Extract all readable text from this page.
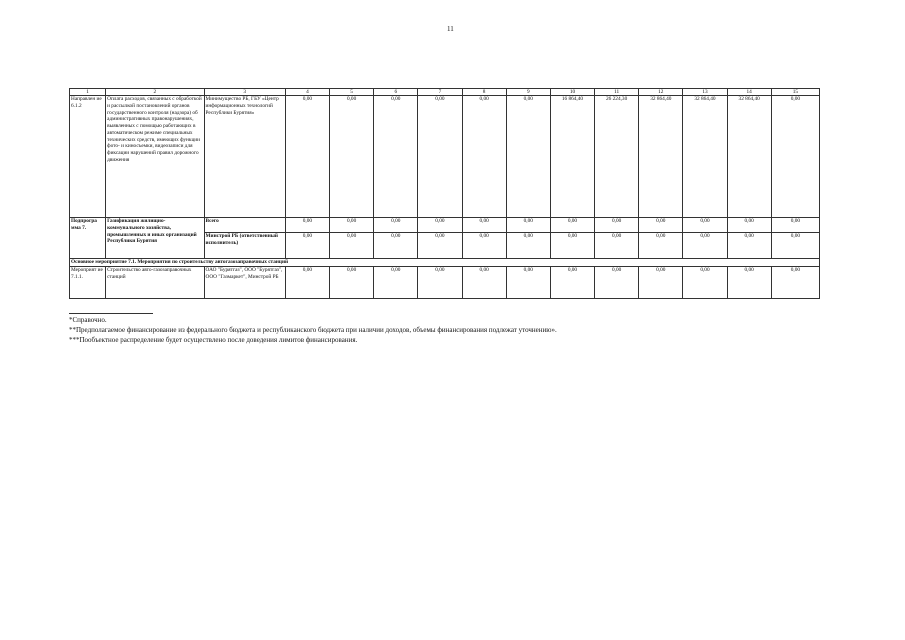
11
1	2	3	4	5	6	7	8	9	10	11	12	13	14	15
Направлен ие 6.1.2	Оплата расходов, связанных с обработкой и рассылкой постановлений органов государственного контроля (надзора) об административных правонарушениях, выявленных с помощью работающих в автоматическом режиме специальных технических средств, имеющих функции фото- и киносъемки, видеозаписи для фиксации нарушений правил дорожного движения	Минимущество РБ, ГБУ «Центр информационных технологий Республики Бурятия»	0,00	0,00	0,00	0,00	0,00	0,00	16 864,40	26 224,30	32 864,40	32 864,40	32 864,40	0,00
Подпрогра мма 7.	Газификация жилищно-коммунального хозяйства, промышленных и иных организаций Республики Бурятия	Всего	0,00	0,00	0,00	0,00	0,00	0,00	0,00	0,00	0,00	0,00	0,00	0,00
		Минстрой РБ (ответственный исполнитель)	0,00	0,00	0,00	0,00	0,00	0,00	0,00	0,00	0,00	0,00	0,00	0,00
Основное мероприятие 7.1. Мероприятия по строительству автогазозаправочных станций														
Мероприят ие 7.1.1.	Строительство авто-газозаправочных станций	ОАО "Бурятгаз", ООО "Бурятгаз", ООО "Газмаркет", Минстрой РБ	0,00	0,00	0,00	0,00	0,00	0,00	0,00	0,00	0,00	0,00	0,00	0,00
*Справочно.
**Предполагаемое финансирование из федерального бюджета и республиканского бюджета при наличии доходов, объемы финансирования подлежат уточнению».
***Пообъектное распределение будет осуществлено после доведения лимитов финансирования.
